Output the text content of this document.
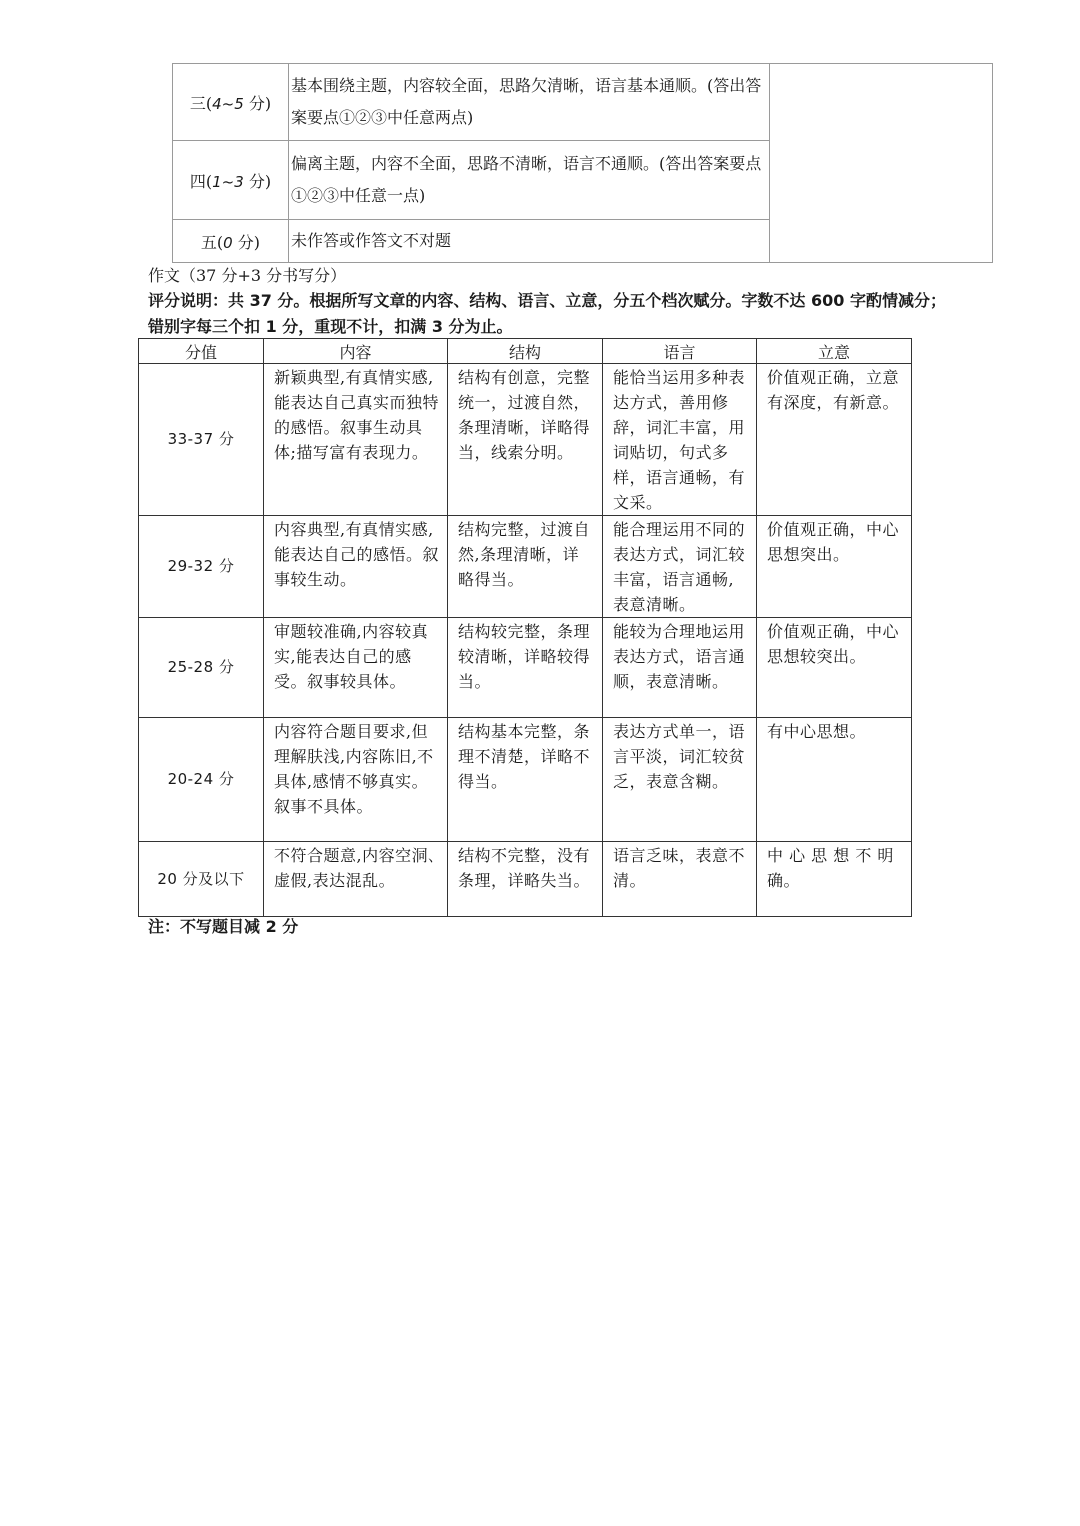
三(4~5 分)	基本围绕主题，内容较全面，思路欠清晰，语言基本通顺。(答出答案要点①②③中任意两点)	
四(1~3 分)	偏离主题，内容不全面，思路不清晰，语言不通顺。(答出答案要点①②③中任意一点)	
五(0 分)	未作答或作答文不对题	
作文（37 分+3 分书写分）
评分说明：共 37 分。根据所写文章的内容、结构、语言、立意，分五个档次赋分。字数不达 600 字酌情减分；错别字每三个扣 1 分，重现不计，扣满 3 分为止。
分值	内容	结构	语言	立意
33-37 分	新颖典型,有真情实感,能表达自己真实而独特的感悟。叙事生动具体;描写富有表现力。	结构有创意，完整统一，过渡自然，条理清晰，详略得当，线索分明。	能恰当运用多种表达方式，善用修辞，词汇丰富，用词贴切，句式多样，语言通畅，有文采。	价值观正确，立意有深度，有新意。
29-32 分	内容典型,有真情实感,能表达自己的感悟。叙事较生动。	结构完整，过渡自然,条理清晰，详略得当。	能合理运用不同的表达方式，词汇较丰富，语言通畅,表意清晰。	价值观正确，中心思想突出。
25-28 分	审题较准确,内容较真实,能表达自己的感受。叙事较具体。	结构较完整，条理较清晰，详略较得当。	能较为合理地运用表达方式，语言通顺，表意清晰。	价值观正确，中心思想较突出。
20-24 分	内容符合题目要求,但理解肤浅,内容陈旧,不具体,感情不够真实。叙事不具体。	结构基本完整，条理不清楚，详略不得当。	表达方式单一，语言平淡，词汇较贫乏，表意含糊。	有中心思想。
20 分及以下	不符合题意,内容空洞､虚假,表达混乱。	结构不完整，没有条理，详略失当。	语言乏味，表意不清。	中 心 思 想 不 明确。
注：不写题目减 2 分
